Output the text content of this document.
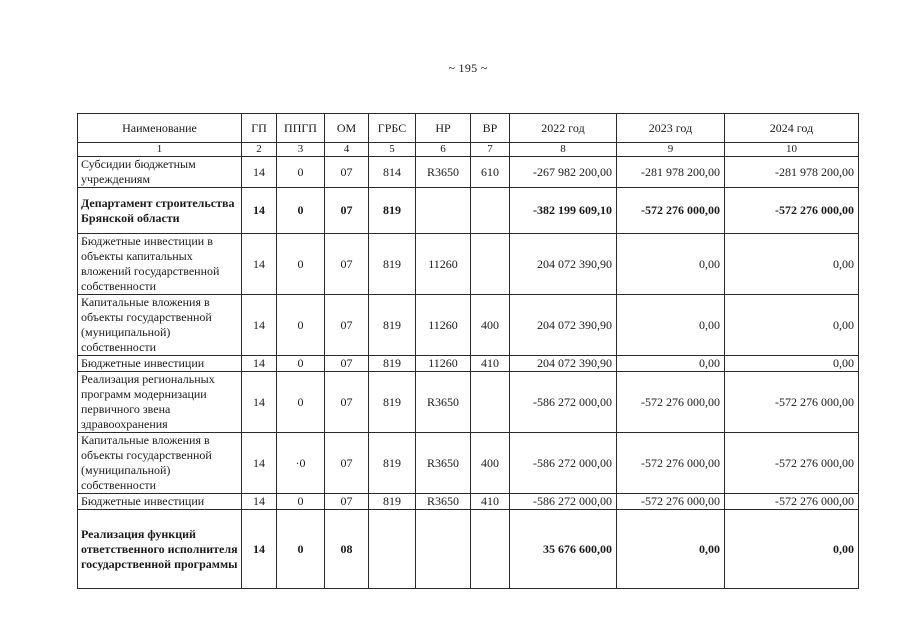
~ 195 ~
Наименование	ГП	ППГП	ОМ	ГРБС	НР	ВР	2022 год	2023 год	2024 год
1	2	3	4	5	6	7	8	9	10
Субсидии бюджетным учреждениям	14	0	07	814	R3650	610	-267 982 200,00	-281 978 200,00	-281 978 200,00
Департамент строительства Брянской области	14	0	07	819			-382 199 609,10	-572 276 000,00	-572 276 000,00
Бюджетные инвестиции в объекты капитальных вложений государственной собственности	14	0	07	819	11260		204 072 390,90	0,00	0,00
Капитальные вложения в объекты государственной (муниципальной) собственности	14	0	07	819	11260	400	204 072 390,90	0,00	0,00
Бюджетные инвестиции	14	0	07	819	11260	410	204 072 390,90	0,00	0,00
Реализация региональных программ модернизации первичного звена здравоохранения	14	0	07	819	R3650		-586 272 000,00	-572 276 000,00	-572 276 000,00
Капитальные вложения в объекты государственной (муниципальной) собственности	14	·0	07	819	R3650	400	-586 272 000,00	-572 276 000,00	-572 276 000,00
Бюджетные инвестиции	14	0	07	819	R3650	410	-586 272 000,00	-572 276 000,00	-572 276 000,00
Реализация функций ответственного исполнителя государственной программы	14	0	08				35 676 600,00	0,00	0,00
